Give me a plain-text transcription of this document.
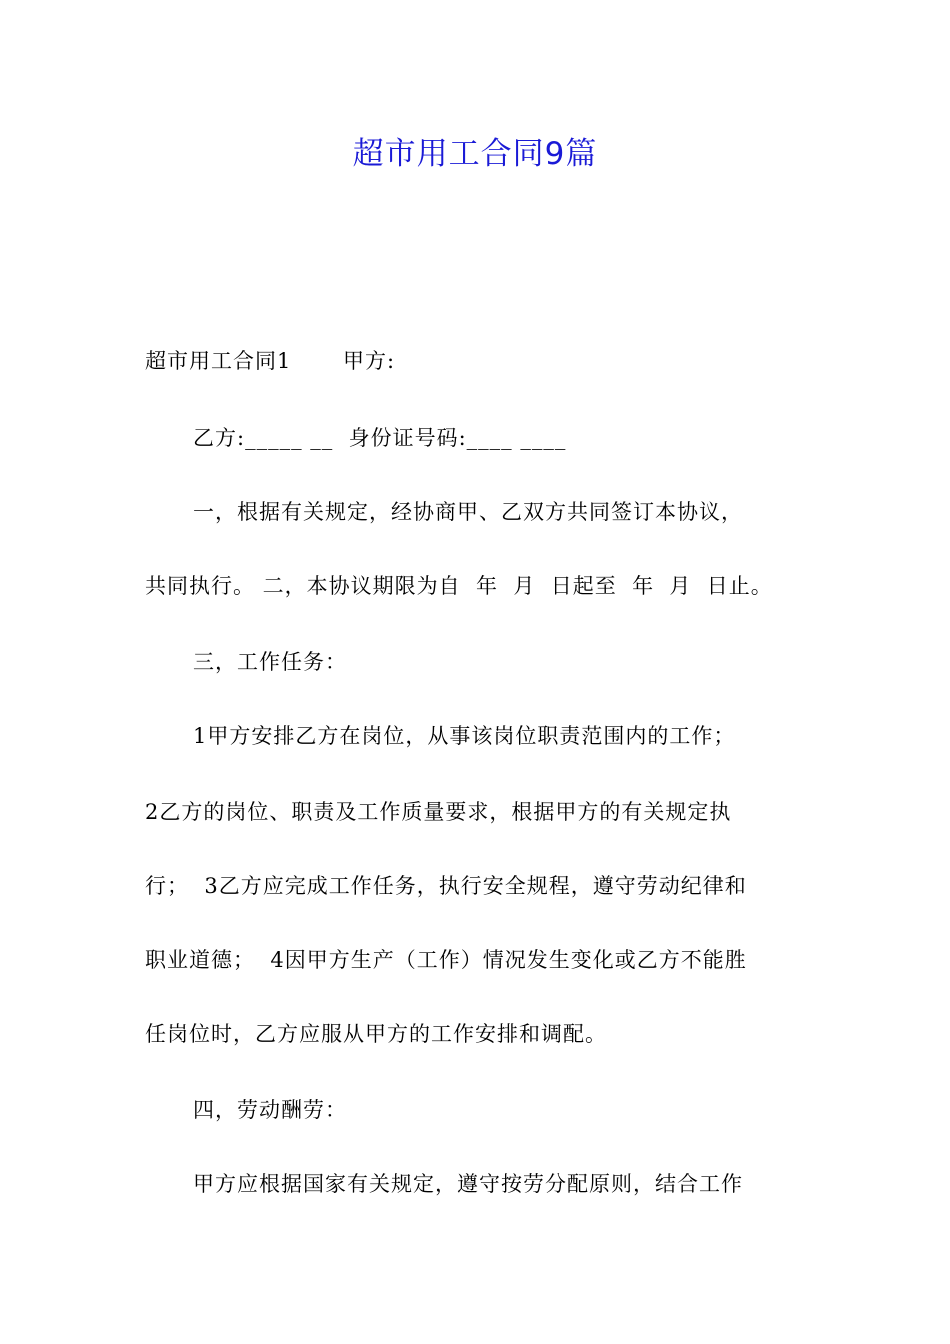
超市用工合同9篇
超市用工合同1　　 甲方:
乙方:_____ __  身份证号码:____ ____
一，根据有关规定，经协商甲、乙双方共同签订本协议，
共同执行。 二，本协议期限为自  年  月  日起至  年  月  日止。
三，工作任务：
1甲方安排乙方在岗位，从事该岗位职责范围内的工作；
2乙方的岗位、职责及工作质量要求，根据甲方的有关规定执
行；  3乙方应完成工作任务，执行安全规程，遵守劳动纪律和
职业道德；  4因甲方生产（工作）情况发生变化或乙方不能胜
任岗位时，乙方应服从甲方的工作安排和调配。
四，劳动酬劳：
甲方应根据国家有关规定，遵守按劳分配原则，结合工作
